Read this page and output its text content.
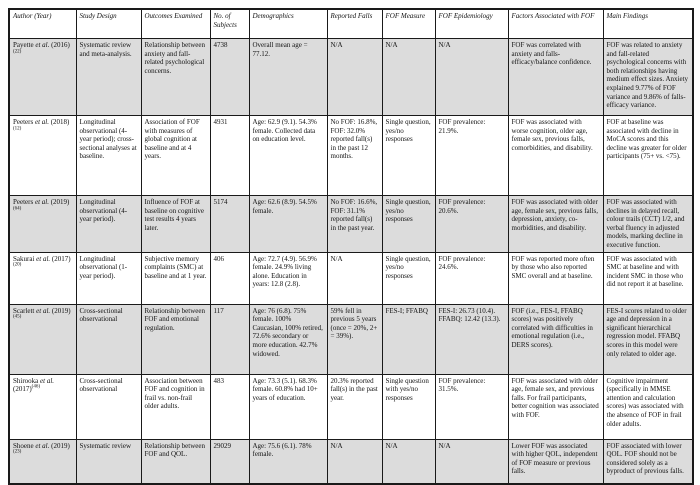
Author (Year)	Study Design	Outcomes Examined	No. of Subjects	Demographics	Reported Falls	FOF Measure	FOF Epidemiology	Factors Associated with FOF	Main Findings
Payette et al. $(2016)^{(22)}$	Systematic review and meta-analysis.	Relationship between anxiety and fall-related psychological concerns.	4738	Overall mean age = 77.12.	N/A	N/A	N/A	FOF was correlated with anxiety and falls-efficacy/balance confidence.	FOF was related to anxiety and fall-related psychological concerns with both relationships having medium effect sizes. Anxiety explained 9.77% of FOF variance and 9.86% of falls-efficacy variance.
Peeters et al. $(2018)^{(12)}$	Longitudinal observational (4-year period); cross-sectional analyses at baseline.	Association of FOF with measures of global cognition at baseline and at 4 years.	4931	Age: 62.9 (9.1). 54.3% female. Collected data on education level.	No FOF: 16.8%, FOF: 32.0% reported fall(s) in the past 12 months.	Single question, yes/no responses	FOF prevalence: 21.9%.	FOF was associated with worse cognition, older age, female sex, previous falls, comorbidities, and disability.	FOF at baseline was associated with decline in MoCA scores and this decline was greater for older participants (75+ vs. <75).
Peeters et al. $(2019)^{(64)}$	Longitudinal observational (4-year period).	Influence of FOF at baseline on cognitive test results 4 years later.	5174	Age: 62.6 (8.9). 54.5% female.	No FOF: 16.6%, FOF: 31.1% reported fall(s) in the past year.	Single question, yes/no responses	FOF prevalence: 20.6%.	FOF was associated with older age, female sex, previous falls, depression, anxiety, co-morbidities, and disability.	FOF was associated with declines in delayed recall, colour trails (CCT) 1/2, and verbal fluency in adjusted models, marking decline in executive function.
Sakurai et al. $(2017)^{(20)}$	Longitudinal observational (1-year period).	Subjective memory complaints (SMC) at baseline and at 1 year.	406	Age: 72.7 (4.9). 56.9% female. 24.9% living alone. Education in years: 12.8 (2.8).	N/A	Single question, yes/no responses	FOF prevalence: 24.6%.	FOF was reported more often by those who also reported SMC overall and at baseline.	FOF was associated with SMC at baseline and with incident SMC in those who did not report it at baseline.
Scarlett et al. $(2019)^{(45)}$	Cross-sectional observational	Relationship between FOF and emotional regulation.	117	Age: 76 (6.8). 75% female. 100% Caucasian, 100% retired, 72.6% secondary or more education. 42.7% widowed.	59% fell in previous 5 years (once = 20%, 2+ = 39%).	FES-I; FFABQ	FES-I: 26.73 (10.4). FFABQ: 12.42 (13.3).	FOF (i.e., FES-I, FFABQ scores) was positively correlated with difficulties in emotional regulation (i.e., DERS scores).	FES-I scores related to older age and depression in a significant hierarchical regression model. FFABQ scores in this model were only related to older age.
Shirooka et al. $(2017)^{(46)}$	Cross-sectional observational	Association between FOF and cognition in frail vs. non-frail older adults.	483	Age: 73.3 (5.1). 68.3% female. 60.8% had 10+ years of education.	20.3% reported fall(s) in the past year.	Single question with yes/no responses	FOF prevalence: 31.5%.	FOF was associated with older age, female sex, and previous falls. For frail participants, better cognition was associated with FOF.	Cognitive impairment (specifically in MMSE attention and calculation scores) was associated with the absence of FOF in frail older adults.
Shoene et al. $(2019)^{(23)}$	Systematic review	Relationship between FOF and QOL.	29029	Age: 75.6 (6.1). 78% female.	N/A	N/A	N/A	Lower FOF was associated with higher QOL, independent of FOF measure or previous falls.	FOF associated with lower QOL. FOF should not be considered solely as a byproduct of previous falls.
